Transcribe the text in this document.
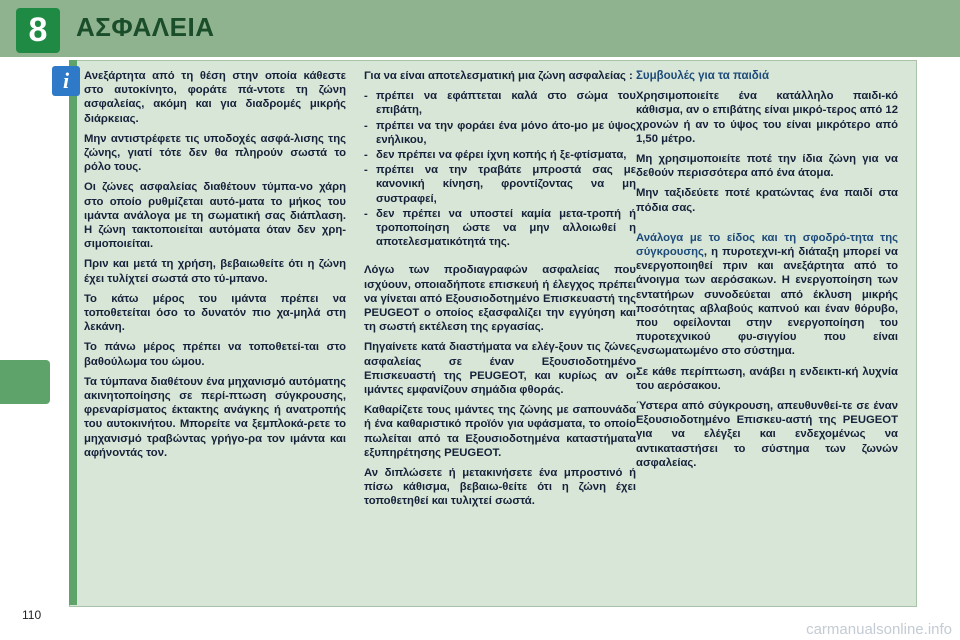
8	ΑΣΦΑΛΕΙΑ

Ανεξάρτητα από τη θέση στην οποία κάθεστε στο αυτοκίνητο, φοράτε πά-ντοτε τη ζώνη ασφαλείας, ακόμη και για διαδρομές μικρής διάρκειας.

Μην αντιστρέφετε τις υποδοχές ασφά-λισης της ζώνης, γιατί τότε δεν θα πληρούν σωστά το ρόλο τους.

Οι ζώνες ασφαλείας διαθέτουν τύμπα-νο χάρη στο οποίο ρυθμίζεται αυτό-ματα το μήκος του ιμάντα ανάλογα με τη σωματική σας διάπλαση. Η ζώνη τακτοποιείται αυτόματα όταν δεν χρη-σιμοποιείται.

Πριν και μετά τη χρήση, βεβαιωθείτε ότι η ζώνη έχει τυλίχτεί σωστά στο τύ-μπανο.

Το κάτω μέρος του ιμάντα πρέπει να τοποθετείται όσο το δυνατόν πιο χα-μηλά στη λεκάνη.

Το πάνω μέρος πρέπει να τοποθετεί-ται στο βαθούλωμα του ώμου.

Τα τύμπανα διαθέτουν ένα μηχανισμό αυτόματης ακινητοποίησης σε περί-πτωση σύγκρουσης, φρεναρίσματος έκτακτης ανάγκης ή ανατροπής του αυτοκινήτου. Μπορείτε να ξεμπλοκά-ρετε το μηχανισμό τραβώντας γρήγο-ρα τον ιμάντα και αφήνοντάς τον.

Για να είναι αποτελεσματική μια ζώνη ασφαλείας :

- πρέπει να εφάπτεται καλά στο σώμα του επιβάτη,
- πρέπει να την φοράει ένα μόνο άτο-μο με ύψος ενήλικου,
- δεν πρέπει να φέρει ίχνη κοπής ή ξε-φτίσματα,
- πρέπει να την τραβάτε μπροστά σας με κανονική κίνηση, φροντίζοντας να μη συστραφεί,
- δεν πρέπει να υποστεί καμία μετα-τροπή ή τροποποίηση ώστε να μην αλλοιωθεί η αποτελεσματικότητά της.

Λόγω των προδιαγραφών ασφαλείας που ισχύουν, οποιαδήποτε επισκευή ή έλεγχος πρέπει να γίνεται από Εξουσιοδοτημένο Επισκευαστή της PEUGEOT ο οποίος εξασφαλίζει την εγγύηση και τη σωστή εκτέλεση της εργασίας.

Πηγαίνετε κατά διαστήματα να ελέγ-ξουν τις ζώνες ασφαλείας σε έναν Εξουσιοδοτημένο Επισκευαστή της PEUGEOT, και κυρίως αν οι ιμάντες εμφανίζουν σημάδια φθοράς.

Καθαρίζετε τους ιμάντες της ζώνης με σαπουνάδα ή ένα καθαριστικό προϊόν για υφάσματα, το οποίο πωλείται από τα Εξουσιοδοτημένα καταστήματα εξυπηρέτησης PEUGEOT.

Αν διπλώσετε ή μετακινήσετε ένα μπροστινό ή πίσω κάθισμα, βεβαιω-θείτε ότι η ζώνη έχει τοποθετηθεί και τυλιχτεί σωστά.

Συμβουλές για τα παιδιά

Χρησιμοποιείτε ένα κατάλληλο παιδι-κό κάθισμα, αν ο επιβάτης είναι μικρό-τερος από 12 χρονών ή αν το ύψος του είναι μικρότερο από 1,50 μέτρο.

Μη χρησιμοποιείτε ποτέ την ίδια ζώνη για να δεθούν περισσότερα από ένα άτομα.

Μην ταξιδεύετε ποτέ κρατώντας ένα παιδί στα πόδια σας.

Ανάλογα με το είδος και τη σφοδρό-τητα της σύγκρουσης, η πυροτεχνι-κή διάταξη μπορεί να ενεργοποιηθεί πριν και ανεξάρτητα από το άνοιγμα των αερόσακων. Η ενεργοποίηση των εντατήρων συνοδεύεται από έκλυση μικρής ποσότητας αβλαβούς καπνού και έναν θόρυβο, που οφείλονται στην ενεργοποίηση του πυροτεχνικού φυ-σιγγίου που είναι ενσωματωμένο στο σύστημα.

Σε κάθε περίπτωση, ανάβει η ενδεικτι-κή λυχνία του αερόσακου.

Ύστερα από σύγκρουση, απευθυνθεί-τε σε έναν Εξουσιοδοτημένο Επισκευ-αστή της PEUGEOT για να ελέγξει και ενδεχομένως να αντικαταστήσει το σύστημα των ζωνών ασφαλείας.

i
110
carmanualsonline.info
